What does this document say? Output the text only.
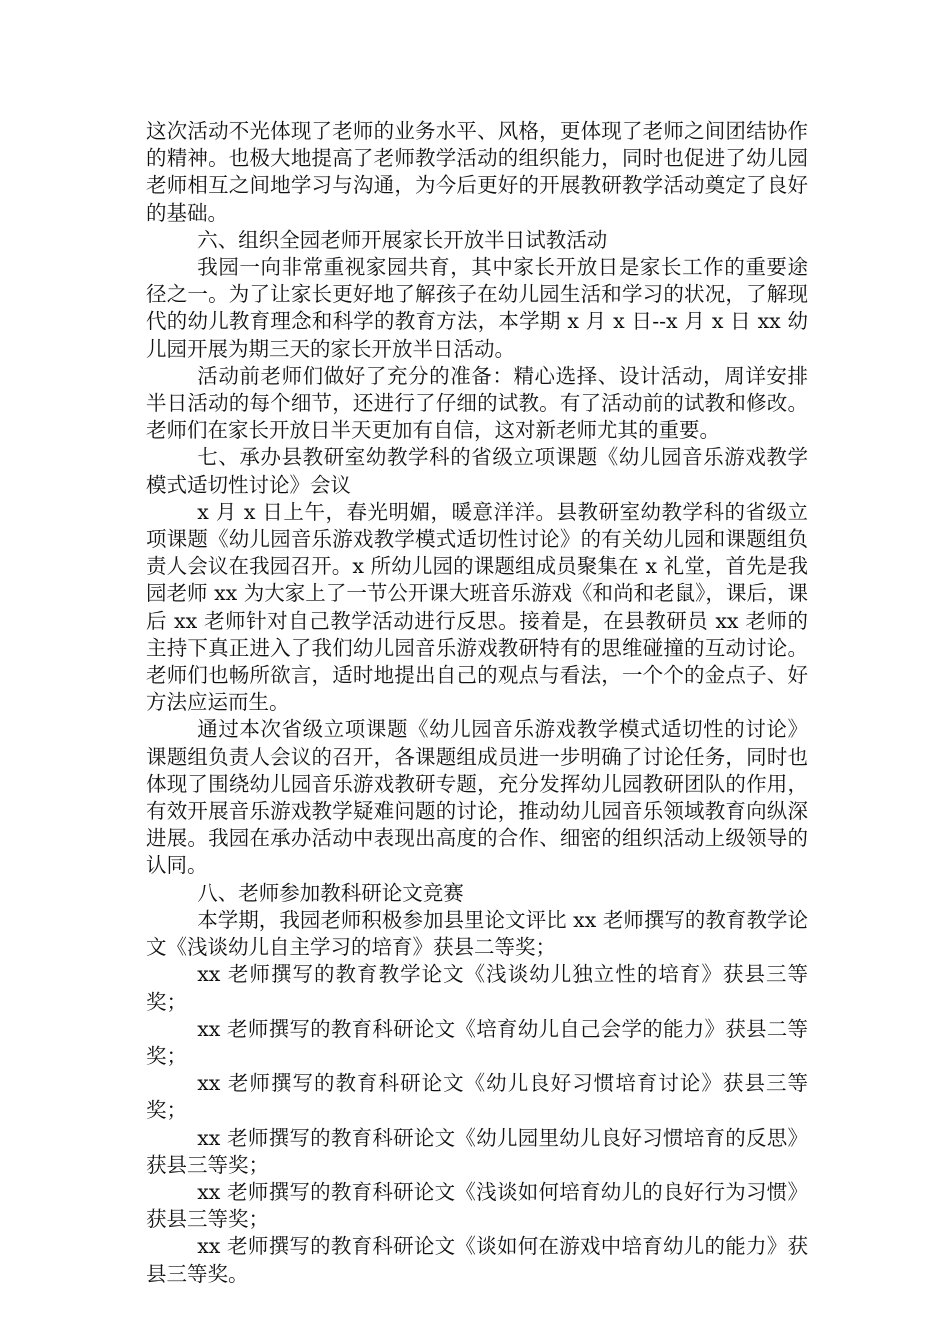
这次活动不光体现了老师的业务水平、风格，更体现了老师之间团结协作的精神。也极大地提高了老师教学活动的组织能力，同时也促进了幼儿园老师相互之间地学习与沟通，为今后更好的开展教研教学活动奠定了良好的基础。

六、组织全园老师开展家长开放半日试教活动

我园一向非常重视家园共育，其中家长开放日是家长工作的重要途径之一。为了让家长更好地了解孩子在幼儿园生活和学习的状况，了解现代的幼儿教育理念和科学的教育方法，本学期 x 月 x 日--x 月 x 日 xx 幼儿园开展为期三天的家长开放半日活动。

活动前老师们做好了充分的准备：精心选择、设计活动，周详安排半日活动的每个细节，还进行了仔细的试教。有了活动前的试教和修改。老师们在家长开放日半天更加有自信，这对新老师尤其的重要。

七、承办县教研室幼教学科的省级立项课题《幼儿园音乐游戏教学模式适切性讨论》会议

x 月 x 日上午，春光明媚，暖意洋洋。县教研室幼教学科的省级立项课题《幼儿园音乐游戏教学模式适切性讨论》的有关幼儿园和课题组负责人会议在我园召开。x 所幼儿园的课题组成员聚集在 x 礼堂，首先是我园老师 xx 为大家上了一节公开课大班音乐游戏《和尚和老鼠》，课后，课后 xx 老师针对自己教学活动进行反思。接着是，在县教研员 xx 老师的主持下真正进入了我们幼儿园音乐游戏教研特有的思维碰撞的互动讨论。老师们也畅所欲言，适时地提出自己的观点与看法，一个个的金点子、好方法应运而生。

通过本次省级立项课题《幼儿园音乐游戏教学模式适切性的讨论》课题组负责人会议的召开，各课题组成员进一步明确了讨论任务，同时也体现了围绕幼儿园音乐游戏教研专题，充分发挥幼儿园教研团队的作用，有效开展音乐游戏教学疑难问题的讨论，推动幼儿园音乐领域教育向纵深进展。我园在承办活动中表现出高度的合作、细密的组织活动上级领导的认同。

八、老师参加教科研论文竞赛

本学期，我园老师积极参加县里论文评比 xx 老师撰写的教育教学论文《浅谈幼儿自主学习的培育》获县二等奖；

xx 老师撰写的教育教学论文《浅谈幼儿独立性的培育》获县三等奖；

xx 老师撰写的教育科研论文《培育幼儿自己会学的能力》获县二等奖；

xx 老师撰写的教育科研论文《幼儿良好习惯培育讨论》获县三等奖；

xx 老师撰写的教育科研论文《幼儿园里幼儿良好习惯培育的反思》获县三等奖；

xx 老师撰写的教育科研论文《浅谈如何培育幼儿的良好行为习惯》获县三等奖；

xx 老师撰写的教育科研论文《谈如何在游戏中培育幼儿的能力》获县三等奖。
